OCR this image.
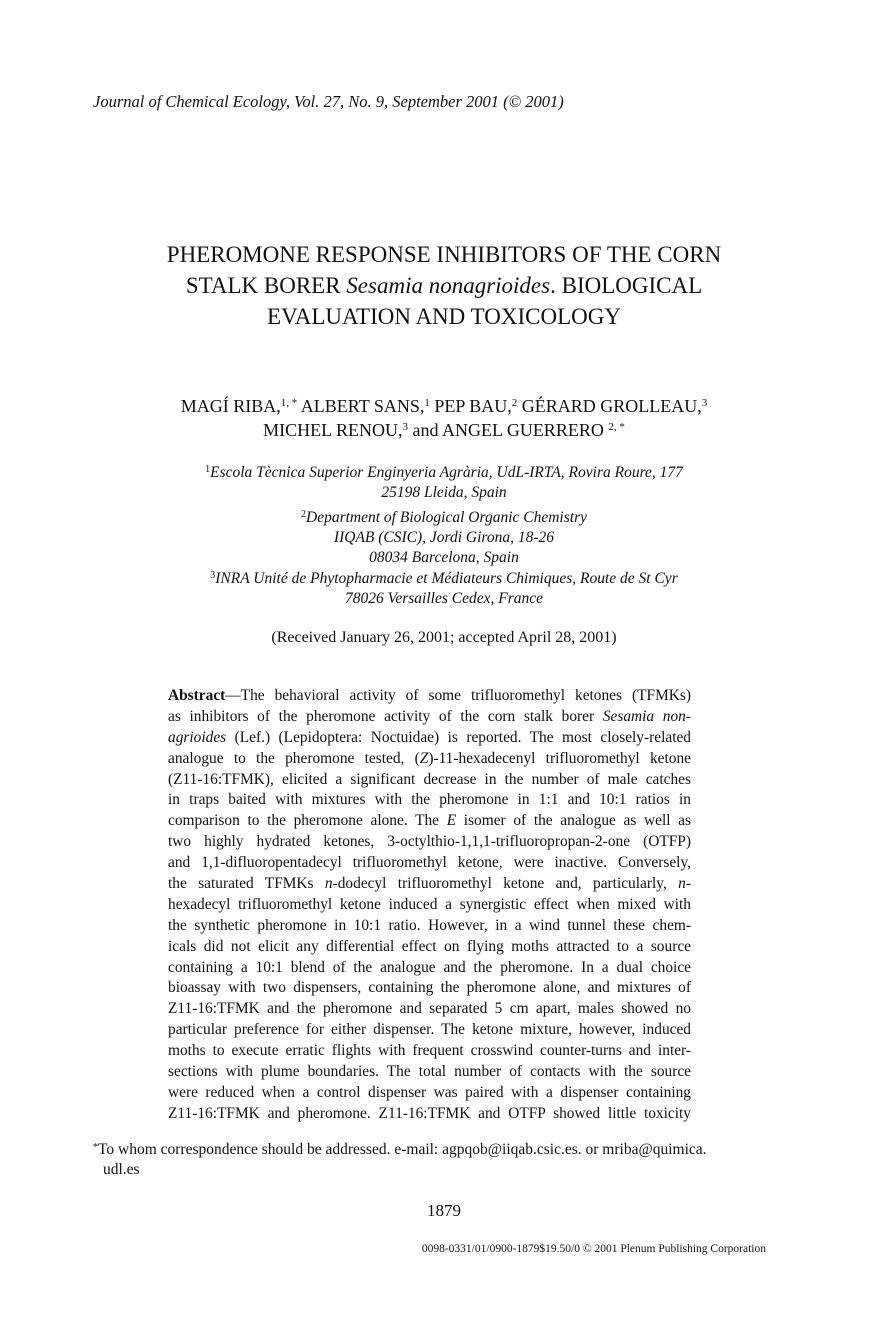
Journal of Chemical Ecology, Vol. 27, No. 9, September 2001 (© 2001)
PHEROMONE RESPONSE INHIBITORS OF THE CORN
STALK BORER Sesamia nonagrioides. BIOLOGICAL
EVALUATION AND TOXICOLOGY
MAGÍ RIBA,$^{1, *}$ ALBERT SANS,$^1$ PEP BAU,$^2$ GÉRARD GROLLEAU,$^3$
MICHEL RENOU,$^3$ and ANGEL GUERRERO $^{2, *}$
$^1$Escola Tècnica Superior Enginyeria Agrària, UdL-IRTA, Rovira Roure, 177
25198 Lleida, Spain
$^2$Department of Biological Organic Chemistry
IIQAB (CSIC), Jordi Girona, 18-26
08034 Barcelona, Spain
$^3$INRA Unité de Phytopharmacie et Médiateurs Chimiques, Route de St Cyr
78026 Versailles Cedex, France
(Received January 26, 2001; accepted April 28, 2001)
Abstract—The behavioral activity of some trifluoromethyl ketones (TFMKs)
as inhibitors of the pheromone activity of the corn stalk borer Sesamia non-
agrioides (Lef.) (Lepidoptera: Noctuidae) is reported. The most closely-related
analogue to the pheromone tested, (Z)-11-hexadecenyl trifluoromethyl ketone
(Z11-16:TFMK), elicited a significant decrease in the number of male catches
in traps baited with mixtures with the pheromone in 1:1 and 10:1 ratios in
comparison to the pheromone alone. The E isomer of the analogue as well as
two highly hydrated ketones, 3-octylthio-1,1,1-trifluoropropan-2-one (OTFP)
and 1,1-difluoropentadecyl trifluoromethyl ketone, were inactive. Conversely,
the saturated TFMKs n-dodecyl trifluoromethyl ketone and, particularly, n-
hexadecyl trifluoromethyl ketone induced a synergistic effect when mixed with
the synthetic pheromone in 10:1 ratio. However, in a wind tunnel these chem-
icals did not elicit any differential effect on flying moths attracted to a source
containing a 10:1 blend of the analogue and the pheromone. In a dual choice
bioassay with two dispensers, containing the pheromone alone, and mixtures of
Z11-16:TFMK and the pheromone and separated 5 cm apart, males showed no
particular preference for either dispenser. The ketone mixture, however, induced
moths to execute erratic flights with frequent crosswind counter-turns and inter-
sections with plume boundaries. The total number of contacts with the source
were reduced when a control dispenser was paired with a dispenser containing
Z11-16:TFMK and pheromone. Z11-16:TFMK and OTFP showed little toxicity
*To whom correspondence should be addressed. e-mail: agpqob@iiqab.csic.es. or mriba@quimica.
udl.es
1879
0098-0331/01/0900-1879$19.50/0 © 2001 Plenum Publishing Corporation
